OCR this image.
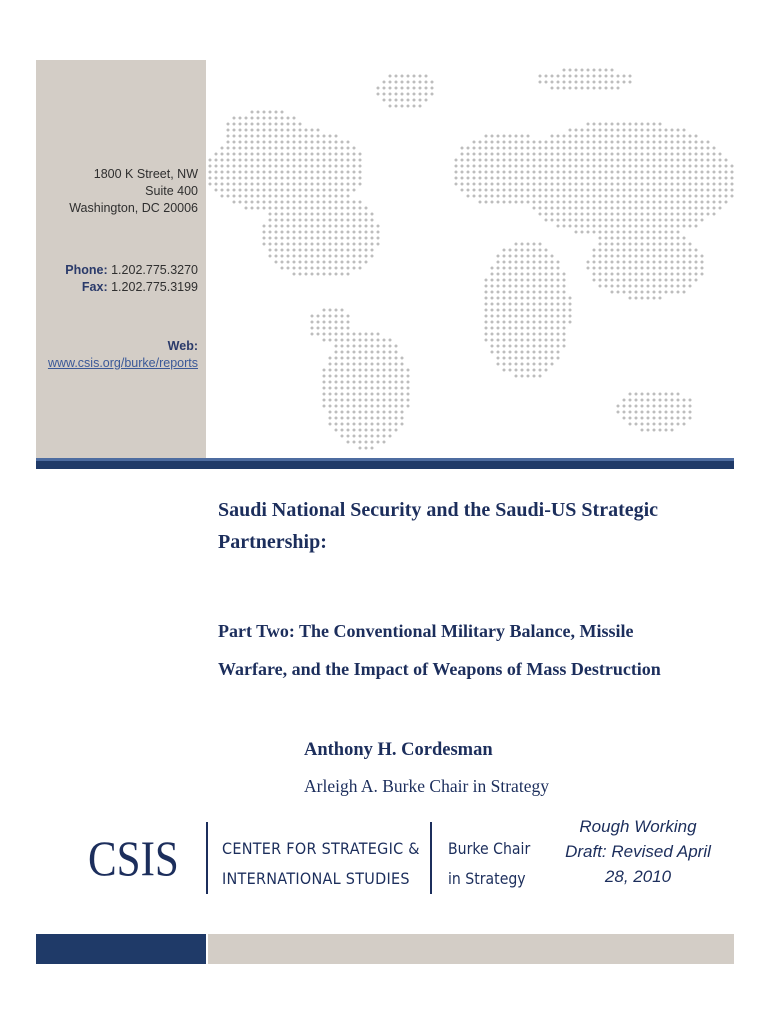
1800 K Street, NW
Suite 400
Washington, DC 20006
Phone: 1.202.775.3270
Fax: 1.202.775.3199
Web:
www.csis.org/burke/reports
Saudi National Security and the Saudi-US Strategic
Partnership:
Part Two: The Conventional Military Balance, Missile
Warfare, and the Impact of Weapons of Mass Destruction
Anthony H. Cordesman
Arleigh A. Burke Chair in Strategy
CSIS	CENTER FOR STRATEGIC &
INTERNATIONAL STUDIES
Burke Chair
in Strategy
Rough Working
Draft: Revised April
28, 2010
